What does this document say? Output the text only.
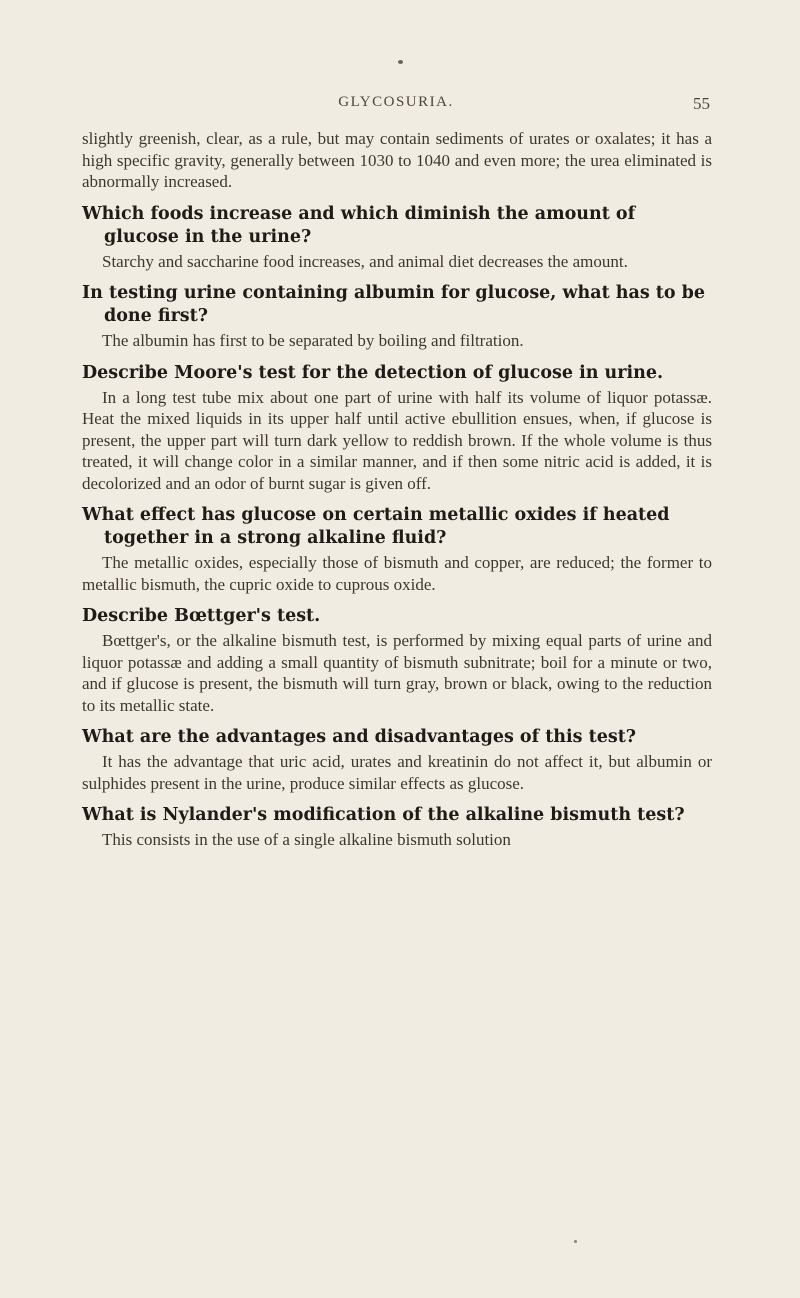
GLYCOSURIA.	55

slightly greenish, clear, as a rule, but may contain sediments of urates or oxalates; it has a high specific gravity, generally between 1030 to 1040 and even more; the urea eliminated is abnormally increased.

Which foods increase and which diminish the amount of glucose in the urine?

Starchy and saccharine food increases, and animal diet decreases the amount.

In testing urine containing albumin for glucose, what has to be done first?

The albumin has first to be separated by boiling and filtration.

Describe Moore's test for the detection of glucose in urine.

In a long test tube mix about one part of urine with half its volume of liquor potassæ. Heat the mixed liquids in its upper half until active ebullition ensues, when, if glucose is present, the upper part will turn dark yellow to reddish brown. If the whole volume is thus treated, it will change color in a similar manner, and if then some nitric acid is added, it is decolorized and an odor of burnt sugar is given off.

What effect has glucose on certain metallic oxides if heated together in a strong alkaline fluid?

The metallic oxides, especially those of bismuth and copper, are reduced; the former to metallic bismuth, the cupric oxide to cuprous oxide.

Describe Bœttger's test.

Bœttger's, or the alkaline bismuth test, is performed by mixing equal parts of urine and liquor potassæ and adding a small quantity of bismuth subnitrate; boil for a minute or two, and if glucose is present, the bismuth will turn gray, brown or black, owing to the reduction to its metallic state.

What are the advantages and disadvantages of this test?

It has the advantage that uric acid, urates and kreatinin do not affect it, but albumin or sulphides present in the urine, produce similar effects as glucose.

What is Nylander's modification of the alkaline bismuth test?

This consists in the use of a single alkaline bismuth solution
